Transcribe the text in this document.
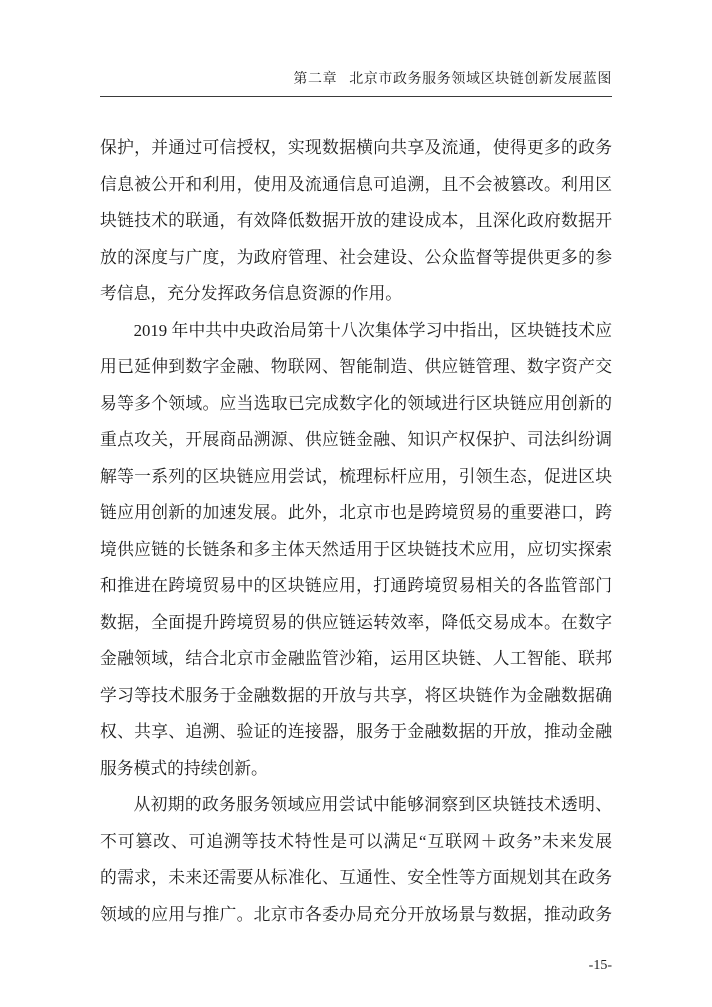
第二章 北京市政务服务领域区块链创新发展蓝图
保护，并通过可信授权，实现数据横向共享及流通，使得更多的政务
信息被公开和利用，使用及流通信息可追溯，且不会被篡改。利用区
块链技术的联通，有效降低数据开放的建设成本，且深化政府数据开
放的深度与广度，为政府管理、社会建设、公众监督等提供更多的参
考信息，充分发挥政务信息资源的作用。
2019 年中共中央政治局第十八次集体学习中指出，区块链技术应
用已延伸到数字金融、物联网、智能制造、供应链管理、数字资产交
易等多个领域。应当选取已完成数字化的领域进行区块链应用创新的
重点攻关，开展商品溯源、供应链金融、知识产权保护、司法纠纷调
解等一系列的区块链应用尝试，梳理标杆应用，引领生态，促进区块
链应用创新的加速发展。此外，北京市也是跨境贸易的重要港口，跨
境供应链的长链条和多主体天然适用于区块链技术应用，应切实探索
和推进在跨境贸易中的区块链应用，打通跨境贸易相关的各监管部门
数据，全面提升跨境贸易的供应链运转效率，降低交易成本。在数字
金融领域，结合北京市金融监管沙箱，运用区块链、人工智能、联邦
学习等技术服务于金融数据的开放与共享，将区块链作为金融数据确
权、共享、追溯、验证的连接器，服务于金融数据的开放，推动金融
服务模式的持续创新。
从初期的政务服务领域应用尝试中能够洞察到区块链技术透明、
不可篡改、可追溯等技术特性是可以满足“互联网＋政务”未来发展
的需求，未来还需要从标准化、互通性、安全性等方面规划其在政务
领域的应用与推广。北京市各委办局充分开放场景与数据，推动政务
-15-
